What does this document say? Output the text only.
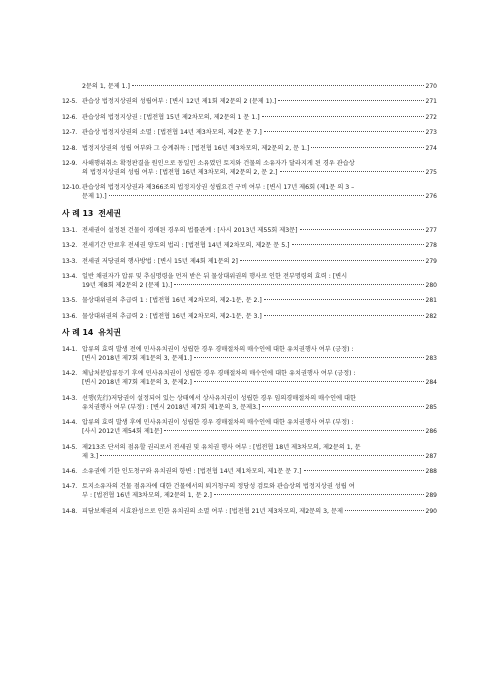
2문의 1, 문제 1.]	270
12-5. 관습상 법정지상권의 성립여부 : [변시 12년 제1회 제2문의 2 (문제 1).]	271
12-6. 관습상의 법정지상권 : [법전협 15년 제2차모의, 제2문의 1 문 1.]	272
12-7. 관습상 법정지상권의 소멸 : [법전협 14년 제3차모의, 제2문 문 7.]	273
12-8. 법정지상권의 성립 여부와 그 승계취득 : [법전협 16년 제3차모의, 제2문의 2, 문 1.]	274
12-9. 사해행위취소 확정판결을 원인으로 동일인 소유였던 토지와 건물의 소유자가 달라지게 된 경우 관습상
의 법정지상권의 성립 여부 : [법전협 16년 제3차모의, 제2문의 2, 문 2.]	275
12-10. 관습상의 법정지상권과 제366조의 법정지상권 성립요건 구비 여부 : [변시 17년 제6회 (제1문 의 3 –
문제 1).]	276
사 례 13 전세권
13-1. 전세권이 설정된 건물이 경매된 경우의 법률관계 : [사시 2013년 제55회 제3문]	277
13-2. 전세기간 만료후 전세권 양도의 법리 : [법전협 14년 제2차모의, 제2문 문 5.]	278
13-3. 전세권 저당권의 행사방법 : [변시 15년 제4회 제1문의 2]	279
13-4. 일반 채권자가 압류 및 추심명령을 먼저 받은 뒤 물상대위권의 행사로 인한 전부명령의 효력 : [변시
19년 제8회 제2문의 2 (문제 1).]	280
13-5. 물상대위권의 추급력 1 : [법전협 16년 제2차모의, 제2-1문, 문 2.]	281
13-6. 물상대위권의 추급력 2 : [법전협 16년 제2차모의, 제2-1문, 문 3.]	282
사 례 14 유치권
14-1. 압류의 효력 발생 전에 민사유치권이 성립한 경우 경매절차의 매수인에 대한 유치권행사 여부 (긍정) :
[변시 2018년 제7회 제1문의 3, 문제1.]	283
14-2. 체납처분압류등기 후에 민사유치권이 성립한 경우 경매절차의 매수인에 대한 유치권행사 여부 (긍정) :
[변시 2018년 제7회 제1문의 3, 문제2.]	284
14-3. 선행(先行)저당권이 설정되어 있는 상태에서 상사유치권이 성립한 경우 임의경매절차의 매수인에 대한
유치권행사 여부 (부정) : [변시 2018년 제7회 제1문의 3, 문제3.]	285
14-4. 압류의 효력 발생 후에 민사유치권이 성립한 경우 경매절차의 매수인에 대한 유치권행사 여부 (부정) :
[사시 2012년 제54회 제1문]	286
14-5. 제213조 단서의 점유할 권리로서 전세권 및 유치권 행사 여부 : [법전협 18년 제3차모의, 제2문의 1, 문
제 3.]	287
14-6. 소유권에 기한 인도청구와 유치권의 항변 : [법전협 14년 제1차모의, 제1문 문 7.]	288
14-7. 토지소유자의 건물 점유자에 대한 건물에서의 퇴거청구의 정당성 검토와 관습상의 법정지상권 성립 여
부 : [법전협 16년 제3차모의, 제2문의 1, 문 2.]	289
14-8. 피담보채권의 시효완성으로 인한 유치권의 소멸 여부 : [법전협 21년 제3차모의, 제2문의 3, 문제	290
